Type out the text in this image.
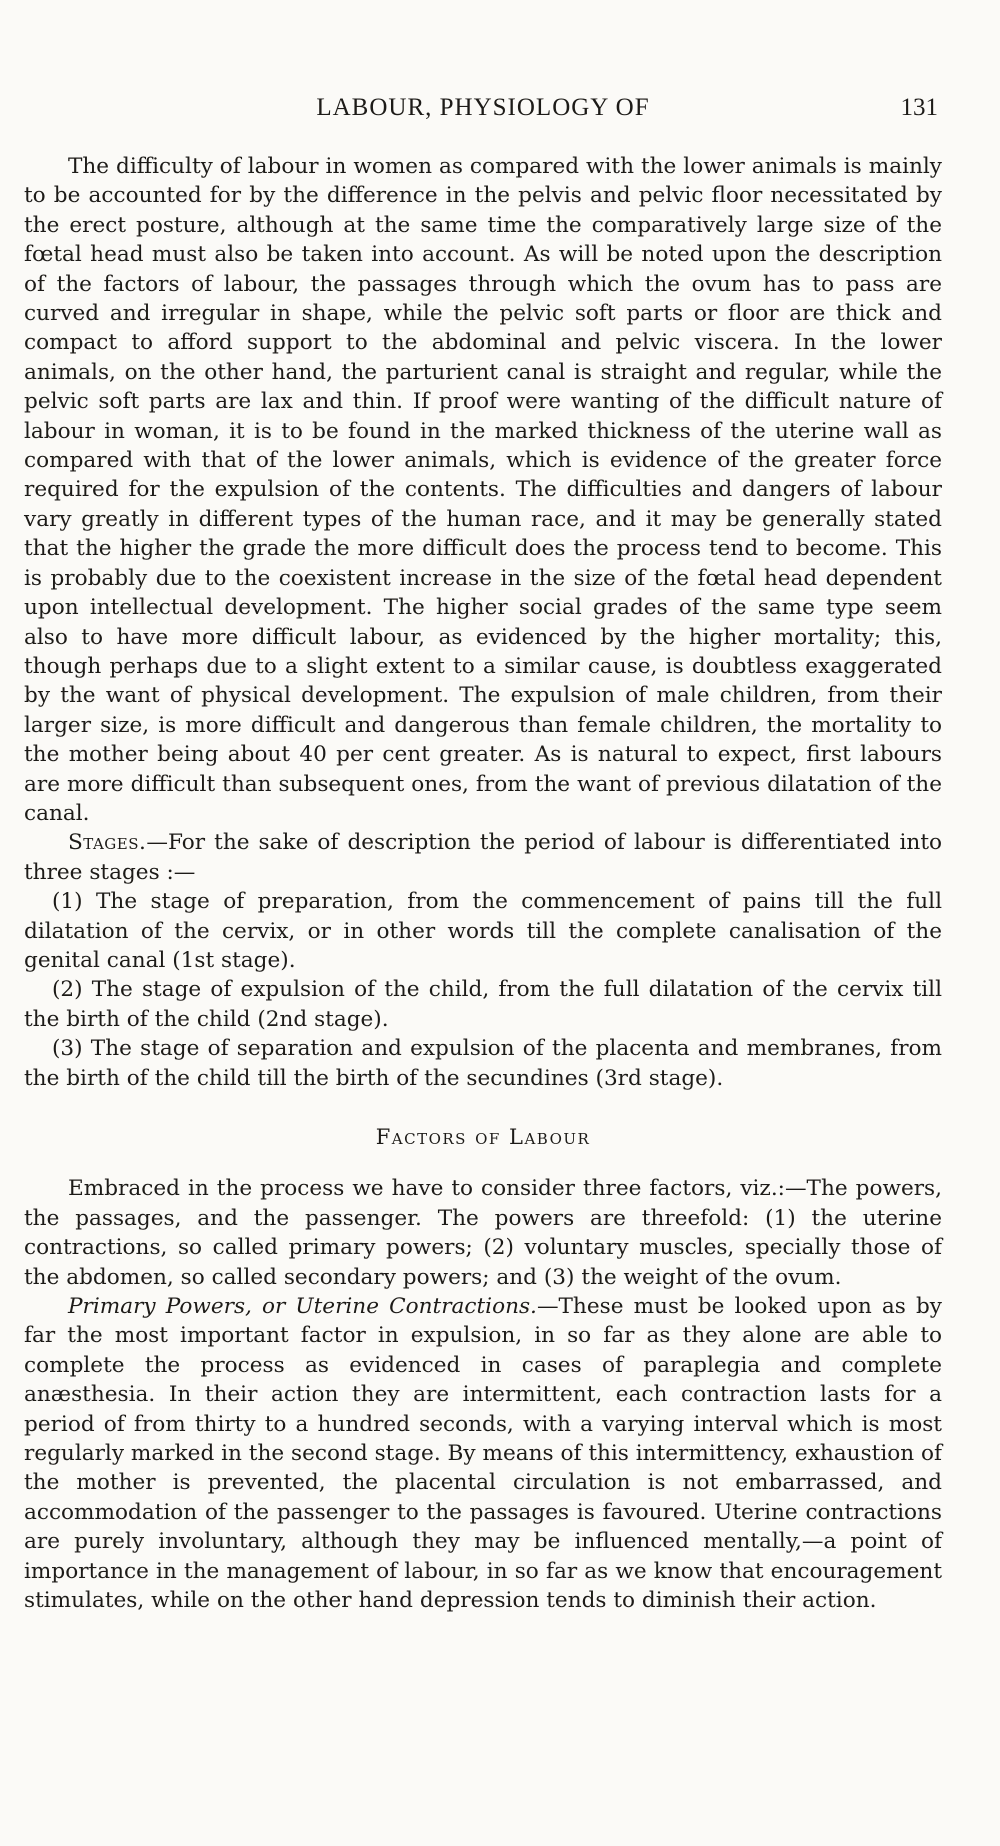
LABOUR, PHYSIOLOGY OF	131

The difficulty of labour in women as compared with the lower animals is mainly to be accounted for by the difference in the pelvis and pelvic floor necessitated by the erect posture, although at the same time the comparatively large size of the fœtal head must also be taken into account. As will be noted upon the description of the factors of labour, the passages through which the ovum has to pass are curved and irregular in shape, while the pelvic soft parts or floor are thick and compact to afford support to the abdominal and pelvic viscera. In the lower animals, on the other hand, the parturient canal is straight and regular, while the pelvic soft parts are lax and thin. If proof were wanting of the difficult nature of labour in woman, it is to be found in the marked thickness of the uterine wall as compared with that of the lower animals, which is evidence of the greater force required for the expulsion of the contents. The difficulties and dangers of labour vary greatly in different types of the human race, and it may be generally stated that the higher the grade the more difficult does the process tend to become. This is probably due to the coexistent increase in the size of the fœtal head dependent upon intellectual development. The higher social grades of the same type seem also to have more difficult labour, as evidenced by the higher mortality; this, though perhaps due to a slight extent to a similar cause, is doubtless exaggerated by the want of physical development. The expulsion of male children, from their larger size, is more difficult and dangerous than female children, the mortality to the mother being about 40 per cent greater. As is natural to expect, first labours are more difficult than subsequent ones, from the want of previous dilatation of the canal.

Stages.—For the sake of description the period of labour is differentiated into three stages :—

(1) The stage of preparation, from the commencement of pains till the full dilatation of the cervix, or in other words till the complete canalisation of the genital canal (1st stage).

(2) The stage of expulsion of the child, from the full dilatation of the cervix till the birth of the child (2nd stage).

(3) The stage of separation and expulsion of the placenta and membranes, from the birth of the child till the birth of the secundines (3rd stage).

Factors of Labour

Embraced in the process we have to consider three factors, viz.:—The powers, the passages, and the passenger. The powers are threefold: (1) the uterine contractions, so called primary powers; (2) voluntary muscles, specially those of the abdomen, so called secondary powers; and (3) the weight of the ovum.

Primary Powers, or Uterine Contractions.—These must be looked upon as by far the most important factor in expulsion, in so far as they alone are able to complete the process as evidenced in cases of paraplegia and complete anæsthesia. In their action they are intermittent, each contraction lasts for a period of from thirty to a hundred seconds, with a varying interval which is most regularly marked in the second stage. By means of this intermittency, exhaustion of the mother is prevented, the placental circulation is not embarrassed, and accommodation of the passenger to the passages is favoured. Uterine contractions are purely involuntary, although they may be influenced mentally,—a point of importance in the management of labour, in so far as we know that encouragement stimulates, while on the other hand depression tends to diminish their action.
